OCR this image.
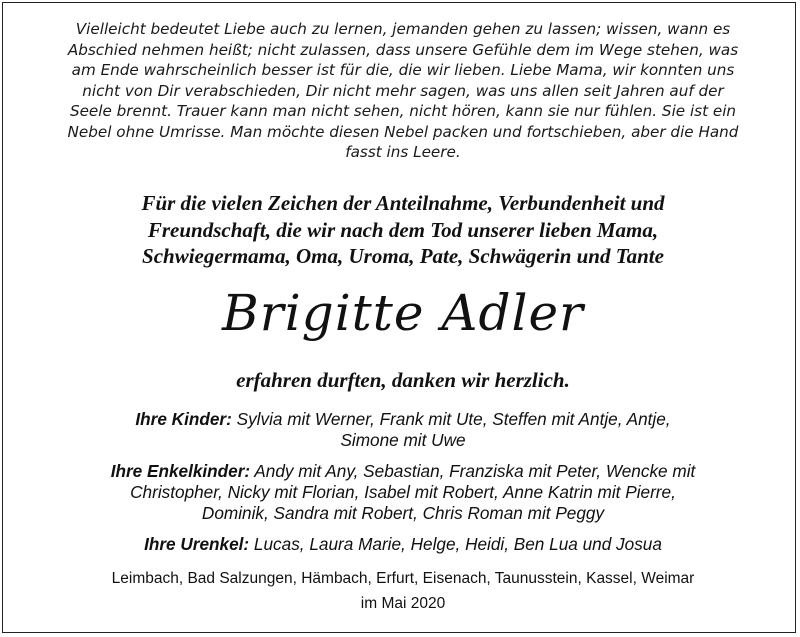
Vielleicht bedeutet Liebe auch zu lernen, jemanden gehen zu lassen; wissen, wann es
Abschied nehmen heißt; nicht zulassen, dass unsere Gefühle dem im Wege stehen, was
am Ende wahrscheinlich besser ist für die, die wir lieben. Liebe Mama, wir konnten uns
nicht von Dir verabschieden, Dir nicht mehr sagen, was uns allen seit Jahren auf der
Seele brennt. Trauer kann man nicht sehen, nicht hören, kann sie nur fühlen. Sie ist ein
Nebel ohne Umrisse. Man möchte diesen Nebel packen und fortschieben, aber die Hand
fasst ins Leere.
Für die vielen Zeichen der Anteilnahme, Verbundenheit und
Freundschaft, die wir nach dem Tod unserer lieben Mama,
Schwiegermama, Oma, Uroma, Pate, Schwägerin und Tante
Brigitte Adler
erfahren durften, danken wir herzlich.
Ihre Kinder: Sylvia mit Werner, Frank mit Ute, Steffen mit Antje, Antje,
Simone mit Uwe
Ihre Enkelkinder: Andy mit Any, Sebastian, Franziska mit Peter, Wencke mit
Christopher, Nicky mit Florian, Isabel mit Robert, Anne Katrin mit Pierre,
Dominik, Sandra mit Robert, Chris Roman mit Peggy
Ihre Urenkel: Lucas, Laura Marie, Helge, Heidi, Ben Lua und Josua
Leimbach, Bad Salzungen, Hämbach, Erfurt, Eisenach, Taunusstein, Kassel, Weimar
im Mai 2020
